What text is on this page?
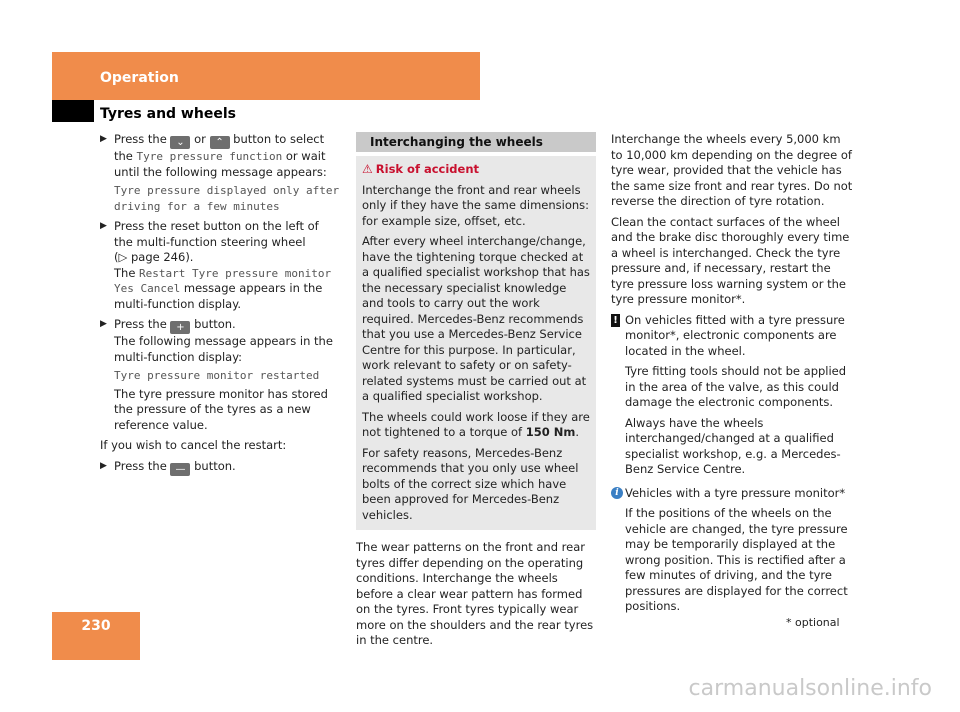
Operation
Tyres and wheels
▶ Press the ⌄ or ⌃ button to select the Tyre pressure function or wait until the following message appears:
Tyre pressure displayed only after driving for a few minutes
▶ Press the reset button on the left of the multi-function steering wheel
(▷ page 246).
The Restart Tyre pressure monitor Yes Cancel message appears in the multi-function display.
▶ Press the + button.
The following message appears in the multi-function display:
Tyre pressure monitor restarted
The tyre pressure monitor has stored the pressure of the tyres as a new reference value.

If you wish to cancel the restart:

▶ Press the — button.
Interchanging the wheels

⚠ Risk of accident

Interchange the front and rear wheels only if they have the same dimensions: for example size, offset, etc.

After every wheel interchange/change, have the tightening torque checked at a qualified specialist workshop that has the necessary specialist knowledge and tools to carry out the work required. Mercedes-Benz recommends that you use a Mercedes-Benz Service Centre for this purpose. In particular, work relevant to safety or on safety-related systems must be carried out at a qualified specialist workshop.

The wheels could work loose if they are not tightened to a torque of 150 Nm.

For safety reasons, Mercedes-Benz recommends that you only use wheel bolts of the correct size which have been approved for Mercedes-Benz vehicles.

The wear patterns on the front and rear tyres differ depending on the operating conditions. Interchange the wheels before a clear wear pattern has formed on the tyres. Front tyres typically wear more on the shoulders and the rear tyres in the centre.

Interchange the wheels every 5,000 km to 10,000 km depending on the degree of tyre wear, provided that the vehicle has the same size front and rear tyres. Do not reverse the direction of tyre rotation.

Clean the contact surfaces of the wheel and the brake disc thoroughly every time a wheel is interchanged. Check the tyre pressure and, if necessary, restart the tyre pressure loss warning system or the tyre pressure monitor*.

! On vehicles fitted with a tyre pressure monitor*, electronic components are located in the wheel.

Tyre fitting tools should not be applied in the area of the valve, as this could damage the electronic components.

Always have the wheels interchanged/changed at a qualified specialist workshop, e.g. a Mercedes-Benz Service Centre.

i Vehicles with a tyre pressure monitor*

If the positions of the wheels on the vehicle are changed, the tyre pressure may be temporarily displayed at the wrong position. This is rectified after a few minutes of driving, and the tyre pressures are displayed for the correct positions.

230	* optional
carmanualsonline.info
